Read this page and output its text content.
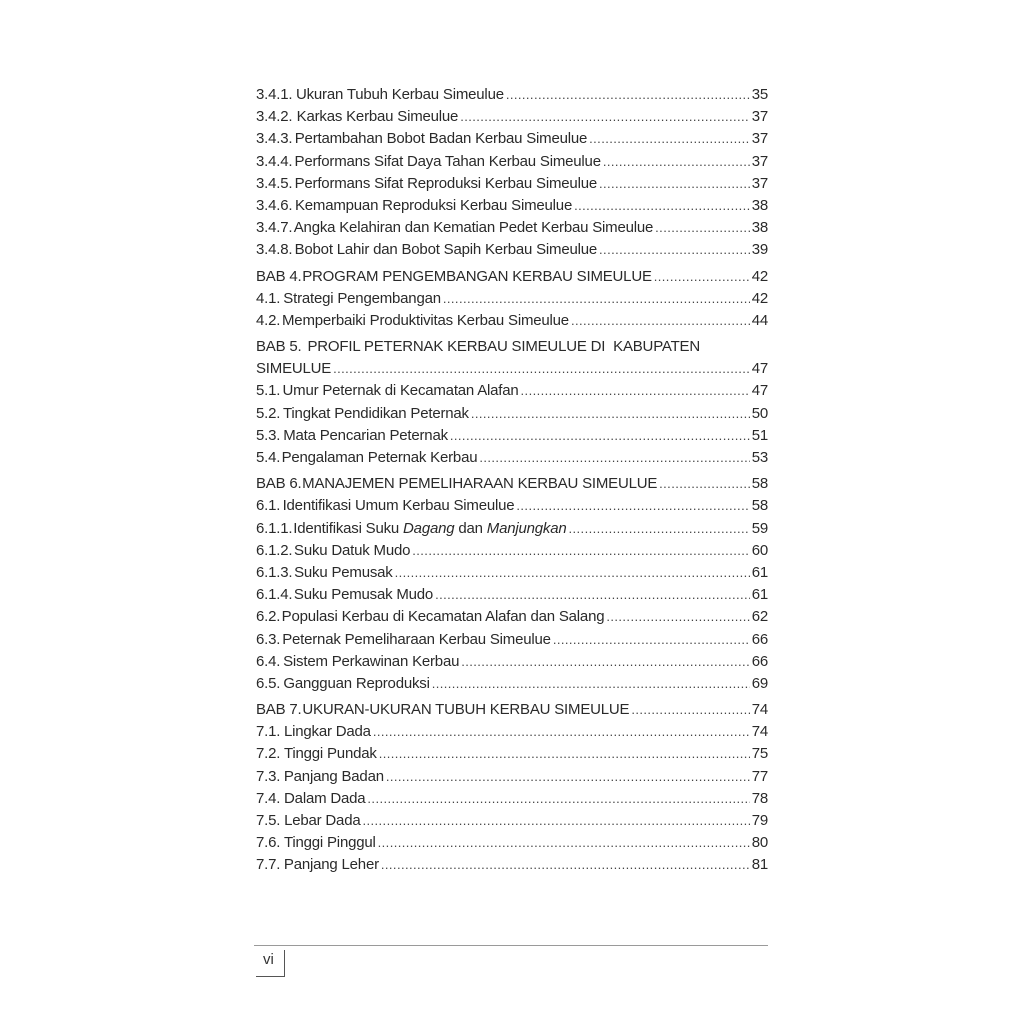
3.4.1. Ukuran Tubuh Kerbau Simeulue .....	35
3.4.2. Karkas Kerbau Simeulue .....	37
3.4.3. Pertambahan Bobot Badan Kerbau Simeulue .....	37
3.4.4. Performans Sifat Daya Tahan Kerbau Simeulue .....	37
3.4.5. Performans Sifat Reproduksi Kerbau Simeulue .....	37
3.4.6. Kemampuan Reproduksi Kerbau Simeulue .....	38
3.4.7. Angka Kelahiran dan Kematian Pedet Kerbau Simeulue .....	38
3.4.8. Bobot Lahir dan Bobot Sapih Kerbau Simeulue .....	39
BAB 4. PROGRAM PENGEMBANGAN KERBAU SIMEULUE .....	42
4.1. Strategi Pengembangan .....	42
4.2. Memperbaiki Produktivitas Kerbau Simeulue .....	44
BAB 5. PROFIL PETERNAK KERBAU SIMEULUE DI  KABUPATEN
SIMEULUE .....	47
5.1. Umur Peternak di Kecamatan Alafan .....	47
5.2. Tingkat Pendidikan Peternak .....	50
5.3. Mata Pencarian Peternak .....	51
5.4. Pengalaman Peternak Kerbau .....	53
BAB 6. MANAJEMEN PEMELIHARAAN KERBAU SIMEULUE .....	58
6.1. Identifikasi Umum Kerbau Simeulue .....	58
6.1.1. Identifikasi Suku Dagang dan Manjungkan .....	59
6.1.2. Suku Datuk Mudo .....	60
6.1.3. Suku Pemusak .....	61
6.1.4. Suku Pemusak Mudo .....	61
6.2. Populasi Kerbau di Kecamatan Alafan dan Salang .....	62
6.3. Peternak Pemeliharaan Kerbau Simeulue .....	66
6.4. Sistem Perkawinan Kerbau .....	66
6.5. Gangguan Reproduksi .....	69
BAB 7. UKURAN-UKURAN TUBUH KERBAU SIMEULUE .....	74
7.1. Lingkar Dada .....	74
7.2. Tinggi Pundak .....	75
7.3. Panjang Badan .....	77
7.4. Dalam Dada .....	78
7.5. Lebar Dada .....	79
7.6. Tinggi Pinggul .....	80
7.7. Panjang Leher .....	81
vi
